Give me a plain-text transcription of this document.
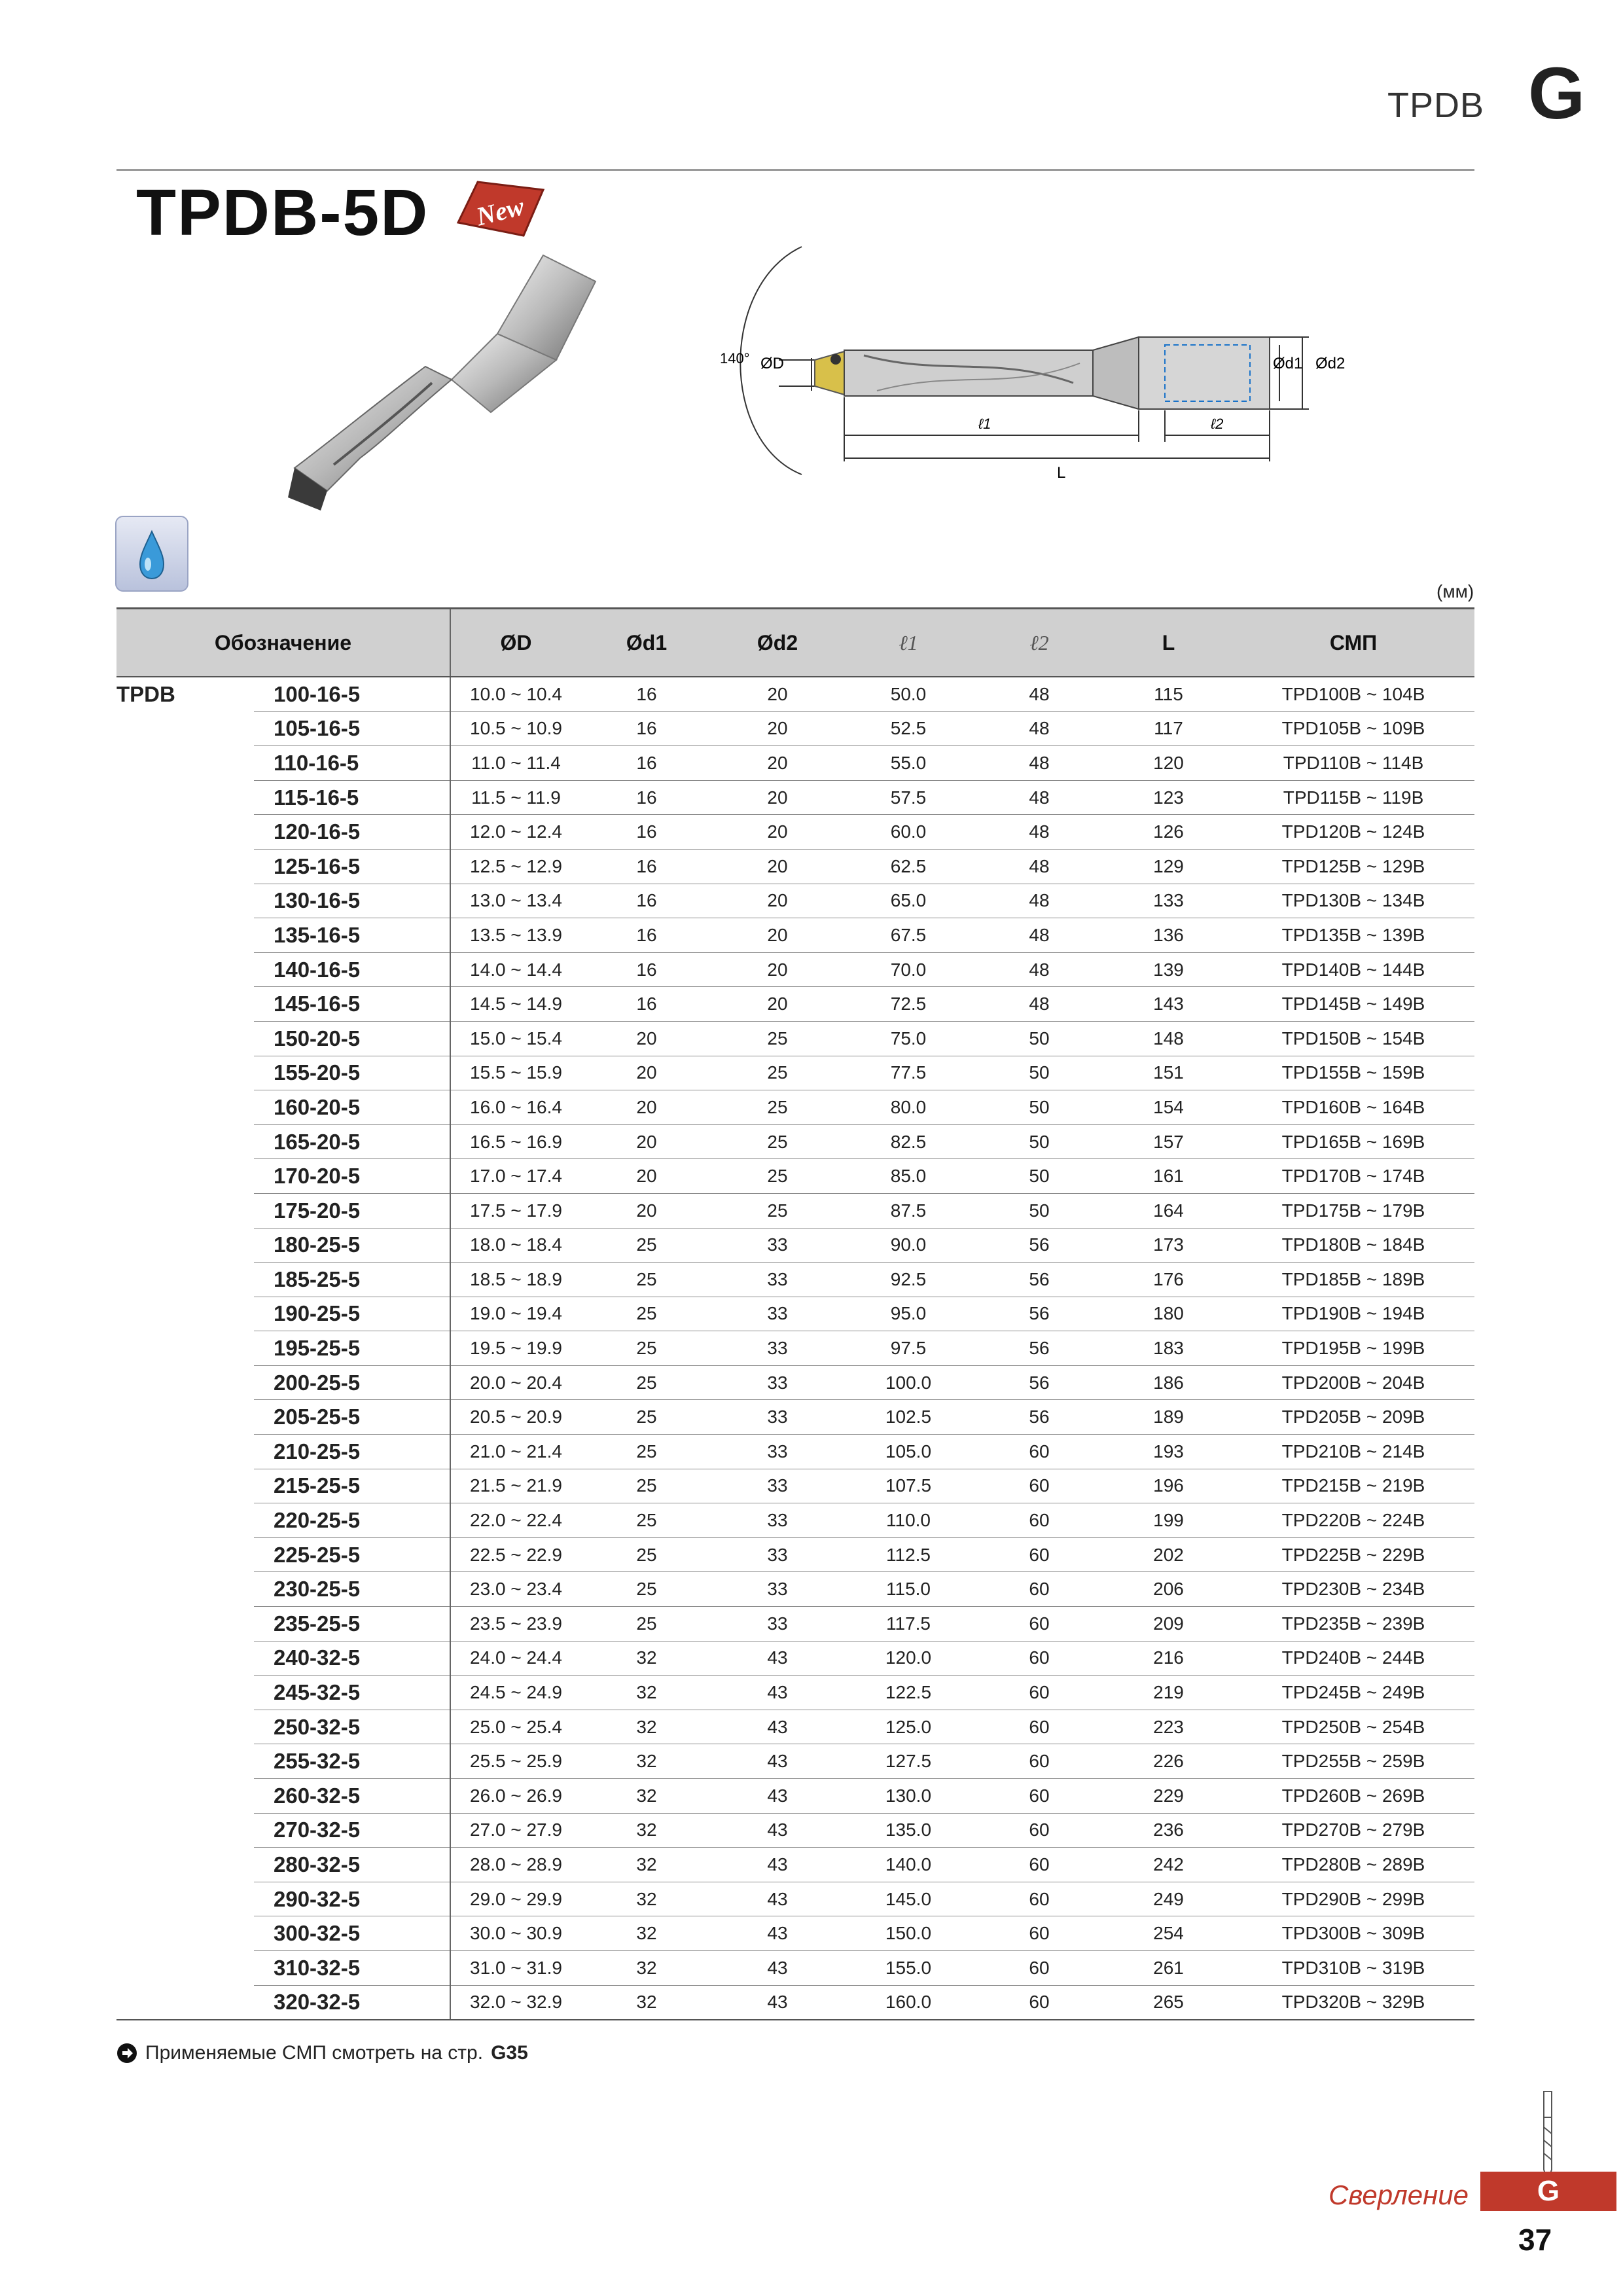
TPDB G
TPDB-5D New
140° ØD	Ød1 Ød2
ℓ1	ℓ2
L
(мм)
Обозначение		ØD	Ød1	Ød2	ℓ1	ℓ2	L	СМП
TPDB	100-16-5	10.0 ~ 10.4	16	20	50.0	48	115	TPD100B ~ 104B
	105-16-5	10.5 ~ 10.9	16	20	52.5	48	117	TPD105B ~ 109B
	110-16-5	11.0 ~ 11.4	16	20	55.0	48	120	TPD110B ~ 114B
	115-16-5	11.5 ~ 11.9	16	20	57.5	48	123	TPD115B ~ 119B
	120-16-5	12.0 ~ 12.4	16	20	60.0	48	126	TPD120B ~ 124B
	125-16-5	12.5 ~ 12.9	16	20	62.5	48	129	TPD125B ~ 129B
	130-16-5	13.0 ~ 13.4	16	20	65.0	48	133	TPD130B ~ 134B
	135-16-5	13.5 ~ 13.9	16	20	67.5	48	136	TPD135B ~ 139B
	140-16-5	14.0 ~ 14.4	16	20	70.0	48	139	TPD140B ~ 144B
	145-16-5	14.5 ~ 14.9	16	20	72.5	48	143	TPD145B ~ 149B
	150-20-5	15.0 ~ 15.4	20	25	75.0	50	148	TPD150B ~ 154B
	155-20-5	15.5 ~ 15.9	20	25	77.5	50	151	TPD155B ~ 159B
	160-20-5	16.0 ~ 16.4	20	25	80.0	50	154	TPD160B ~ 164B
	165-20-5	16.5 ~ 16.9	20	25	82.5	50	157	TPD165B ~ 169B
	170-20-5	17.0 ~ 17.4	20	25	85.0	50	161	TPD170B ~ 174B
	175-20-5	17.5 ~ 17.9	20	25	87.5	50	164	TPD175B ~ 179B
	180-25-5	18.0 ~ 18.4	25	33	90.0	56	173	TPD180B ~ 184B
	185-25-5	18.5 ~ 18.9	25	33	92.5	56	176	TPD185B ~ 189B
	190-25-5	19.0 ~ 19.4	25	33	95.0	56	180	TPD190B ~ 194B
	195-25-5	19.5 ~ 19.9	25	33	97.5	56	183	TPD195B ~ 199B
	200-25-5	20.0 ~ 20.4	25	33	100.0	56	186	TPD200B ~ 204B
	205-25-5	20.5 ~ 20.9	25	33	102.5	56	189	TPD205B ~ 209B
	210-25-5	21.0 ~ 21.4	25	33	105.0	60	193	TPD210B ~ 214B
	215-25-5	21.5 ~ 21.9	25	33	107.5	60	196	TPD215B ~ 219B
	220-25-5	22.0 ~ 22.4	25	33	110.0	60	199	TPD220B ~ 224B
	225-25-5	22.5 ~ 22.9	25	33	112.5	60	202	TPD225B ~ 229B
	230-25-5	23.0 ~ 23.4	25	33	115.0	60	206	TPD230B ~ 234B
	235-25-5	23.5 ~ 23.9	25	33	117.5	60	209	TPD235B ~ 239B
	240-32-5	24.0 ~ 24.4	32	43	120.0	60	216	TPD240B ~ 244B
	245-32-5	24.5 ~ 24.9	32	43	122.5	60	219	TPD245B ~ 249B
	250-32-5	25.0 ~ 25.4	32	43	125.0	60	223	TPD250B ~ 254B
	255-32-5	25.5 ~ 25.9	32	43	127.5	60	226	TPD255B ~ 259B
	260-32-5	26.0 ~ 26.9	32	43	130.0	60	229	TPD260B ~ 269B
	270-32-5	27.0 ~ 27.9	32	43	135.0	60	236	TPD270B ~ 279B
	280-32-5	28.0 ~ 28.9	32	43	140.0	60	242	TPD280B ~ 289B
	290-32-5	29.0 ~ 29.9	32	43	145.0	60	249	TPD290B ~ 299B
	300-32-5	30.0 ~ 30.9	32	43	150.0	60	254	TPD300B ~ 309B
	310-32-5	31.0 ~ 31.9	32	43	155.0	60	261	TPD310B ~ 319B
	320-32-5	32.0 ~ 32.9	32	43	160.0	60	265	TPD320B ~ 329B
Применяемые СМП смотреть на стр. G35
Сверление	G
37
